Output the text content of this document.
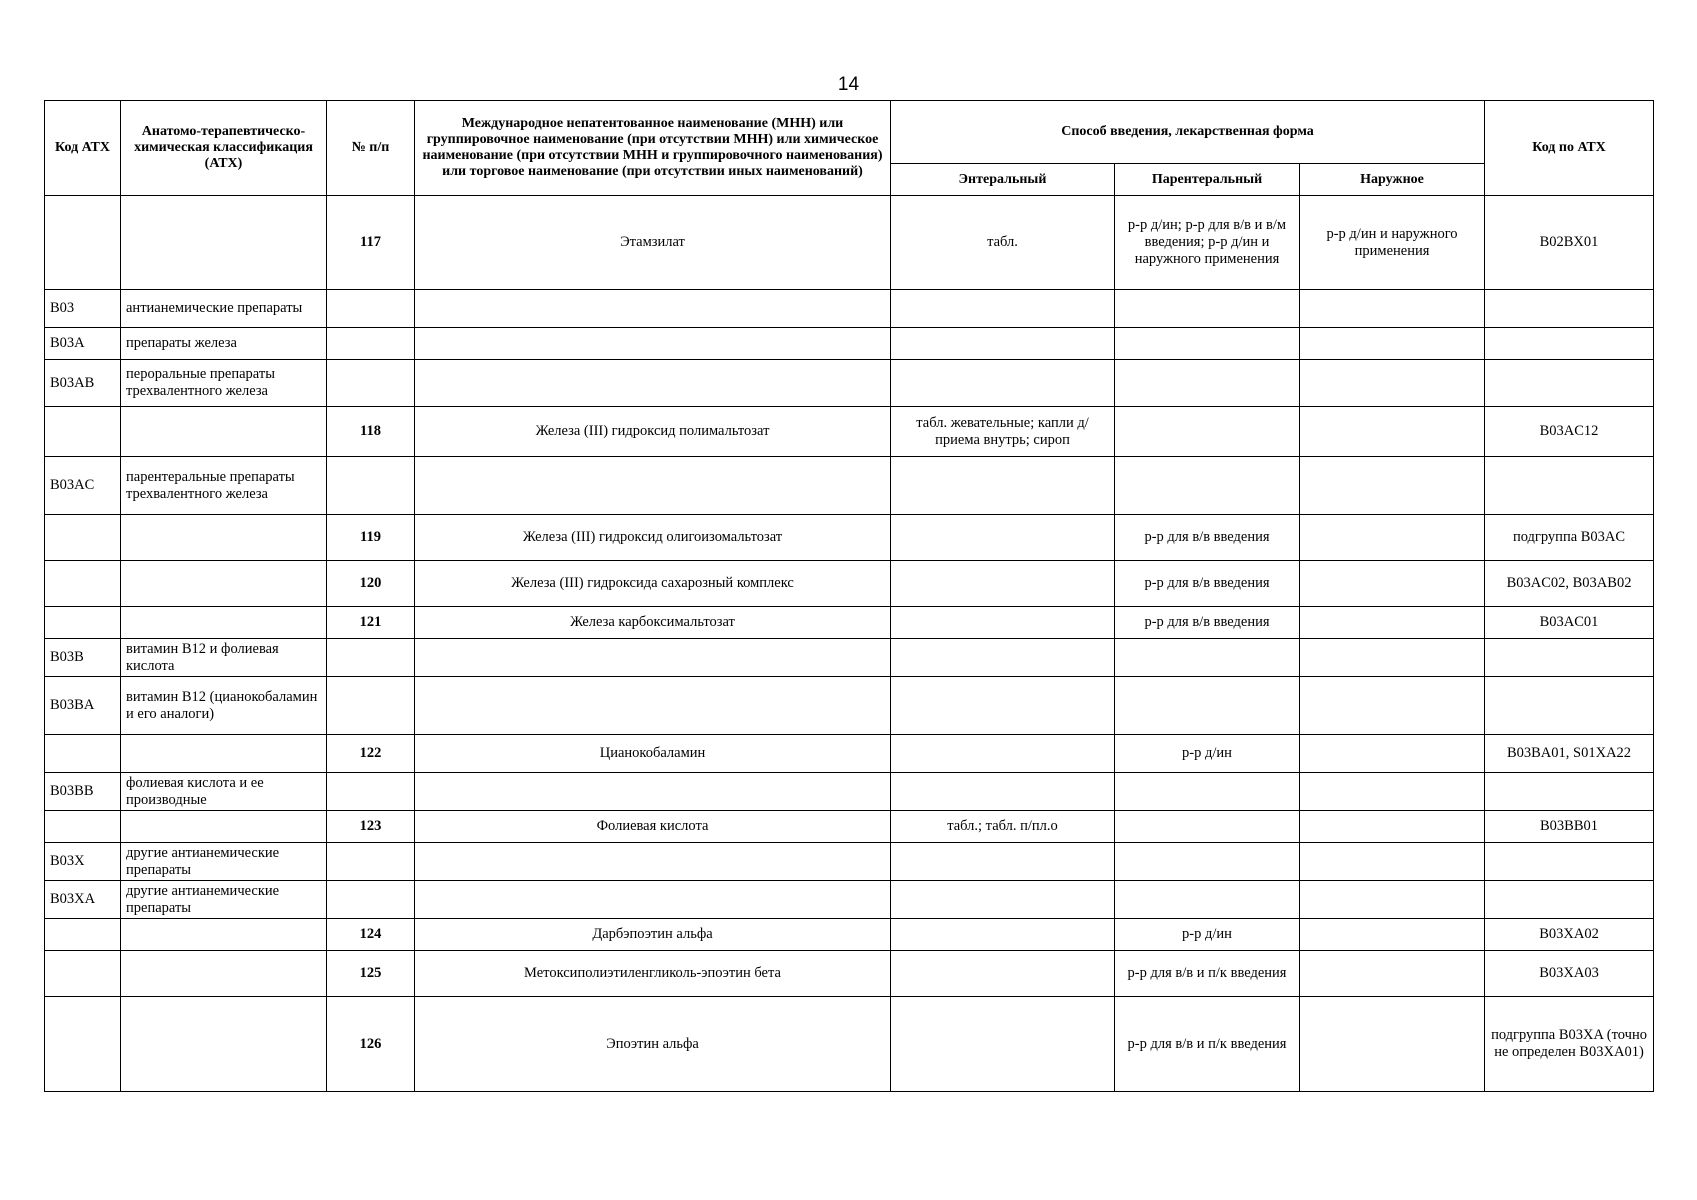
14
Код АТХ	Анатомо-терапевтическо-химическая классификация (АТХ)	№ п/п	Международное непатентованное наименование (МНН) или группировочное наименование (при отсутствии МНН) или химическое наименование (при отсутствии МНН и группировочного наименования) или торговое наименование (при отсутствии иных наименований)	Способ введения, лекарственная форма			Код по АТХ
				Энтеральный	Парентеральный	Наружное	
		117	Этамзилат	табл.	р-р д/ин; р-р для в/в и в/м введения; р-р д/ин и наружного применения	р-р д/ин и наружного применения	B02BX01
B03	антианемические препараты						
B03A	препараты железа						
B03AB	пероральные препараты трехвалентного железа						
		118	Железа (III) гидроксид полимальтозат	табл. жевательные; капли д/приема внутрь; сироп			B03AC12
B03AC	парентеральные препараты трехвалентного железа						
		119	Железа (III) гидроксид олигоизомальтозат		р-р для в/в введения		подгруппа B03AC
		120	Железа (III) гидроксида сахарозный комплекс		р-р для в/в введения		B03AC02, B03AB02
		121	Железа карбоксимальтозат		р-р для в/в введения		B03AC01
B03B	витамин В12 и фолиевая кислота						
B03BA	витамин В12 (цианокобаламин и его аналоги)						
		122	Цианокобаламин		р-р д/ин		B03BA01, S01XA22
B03BB	фолиевая кислота и ее производные						
		123	Фолиевая кислота	табл.; табл. п/пл.о			B03BB01
B03X	другие антианемические препараты						
B03XA	другие антианемические препараты						
		124	Дарбэпоэтин альфа		р-р д/ин		B03XA02
		125	Метоксиполиэтиленгликоль-эпоэтин бета		р-р для в/в и п/к введения		B03XA03
		126	Эпоэтин альфа		р-р для в/в и п/к введения		подгруппа B03XA (точно не определен B03XA01)
